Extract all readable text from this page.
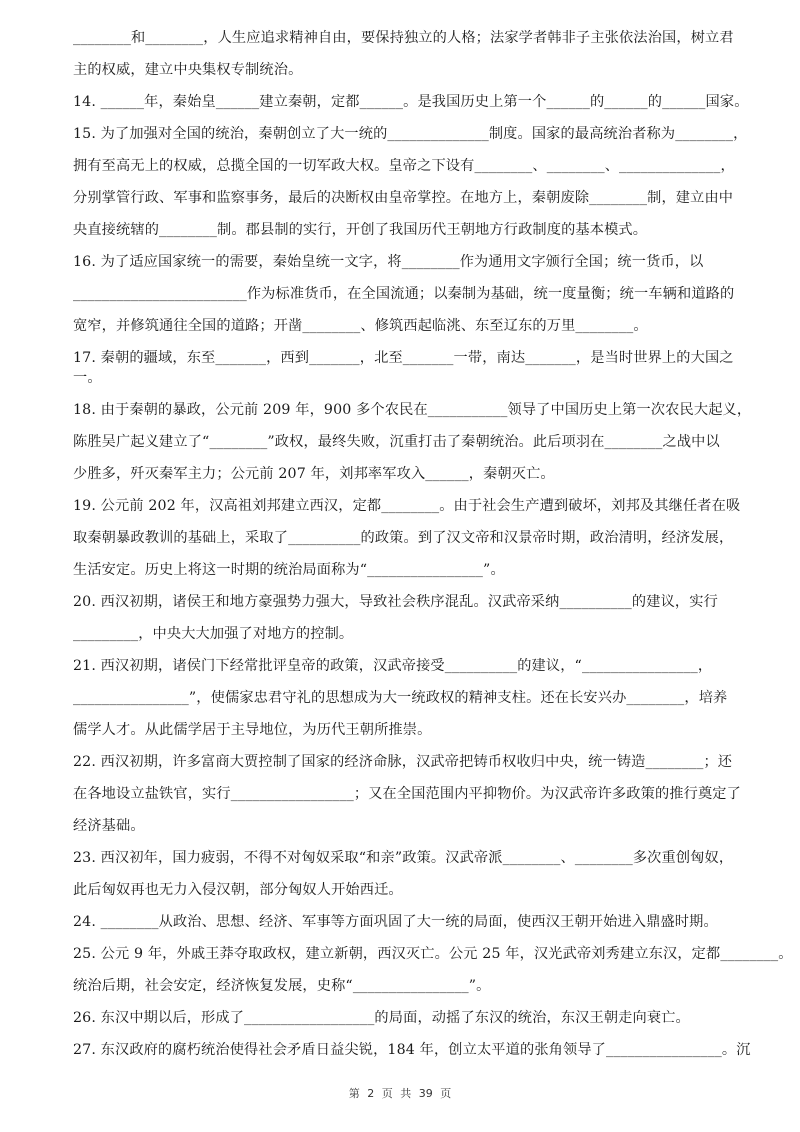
________和________，人生应追求精神自由，要保持独立的人格；法家学者韩非子主张依法治国，树立君
主的权威，建立中央集权专制统治。
14. ______年，秦始皇______建立秦朝，定都______。是我国历史上第一个______的______的______国家。
15. 为了加强对全国的统治，秦朝创立了大一统的______________制度。国家的最高统治者称为________，
拥有至高无上的权威，总揽全国的一切军政大权。皇帝之下设有________、________、______________，
分别掌管行政、军事和监察事务，最后的决断权由皇帝掌控。在地方上，秦朝废除________制，建立由中
央直接统辖的________制。郡县制的实行，开创了我国历代王朝地方行政制度的基本模式。
16. 为了适应国家统一的需要，秦始皇统一文字，将________作为通用文字颁行全国；统一货币，以
________________________作为标准货币，在全国流通；以秦制为基础，统一度量衡；统一车辆和道路的
宽窄，并修筑通往全国的道路；开凿________、修筑西起临洮、东至辽东的万里________。
17. 秦朝的疆域，东至_______，西到_______，北至_______一带，南达_______，是当时世界上的大国之
一。
18. 由于秦朝的暴政，公元前 209 年，900 多个农民在___________领导了中国历史上第一次农民大起义，
陈胜吴广起义建立了“________”政权，最终失败，沉重打击了秦朝统治。此后项羽在________之战中以
少胜多，歼灭秦军主力；公元前 207 年，刘邦率军攻入______，秦朝灭亡。
19. 公元前 202 年，汉高祖刘邦建立西汉，定都________。由于社会生产遭到破坏，刘邦及其继任者在吸
取秦朝暴政教训的基础上，采取了__________的政策。到了汉文帝和汉景帝时期，政治清明，经济发展，
生活安定。历史上将这一时期的统治局面称为“________________”。
20. 西汉初期，诸侯王和地方豪强势力强大，导致社会秩序混乱。汉武帝采纳__________的建议，实行
_________，中央大大加强了对地方的控制。
21. 西汉初期，诸侯门下经常批评皇帝的政策，汉武帝接受__________的建议，“________________，
________________”，使儒家忠君守礼的思想成为大一统政权的精神支柱。还在长安兴办________，培养
儒学人才。从此儒学居于主导地位，为历代王朝所推崇。
22. 西汉初期，许多富商大贾控制了国家的经济命脉，汉武帝把铸币权收归中央，统一铸造________；还
在各地设立盐铁官，实行_________________；又在全国范围内平抑物价。为汉武帝许多政策的推行奠定了
经济基础。
23. 西汉初年，国力疲弱，不得不对匈奴采取“和亲”政策。汉武帝派________、________多次重创匈奴，
此后匈奴再也无力入侵汉朝，部分匈奴人开始西迁。
24. ________从政治、思想、经济、军事等方面巩固了大一统的局面，使西汉王朝开始进入鼎盛时期。
25. 公元 9 年，外戚王莽夺取政权，建立新朝，西汉灭亡。公元 25 年，汉光武帝刘秀建立东汉，定都________。
统治后期，社会安定，经济恢复发展，史称“________________”。
26. 东汉中期以后，形成了__________________的局面，动摇了东汉的统治，东汉王朝走向衰亡。
27. 东汉政府的腐朽统治使得社会矛盾日益尖锐，184 年，创立太平道的张角领导了________________。沉
第 2 页 共 39 页
